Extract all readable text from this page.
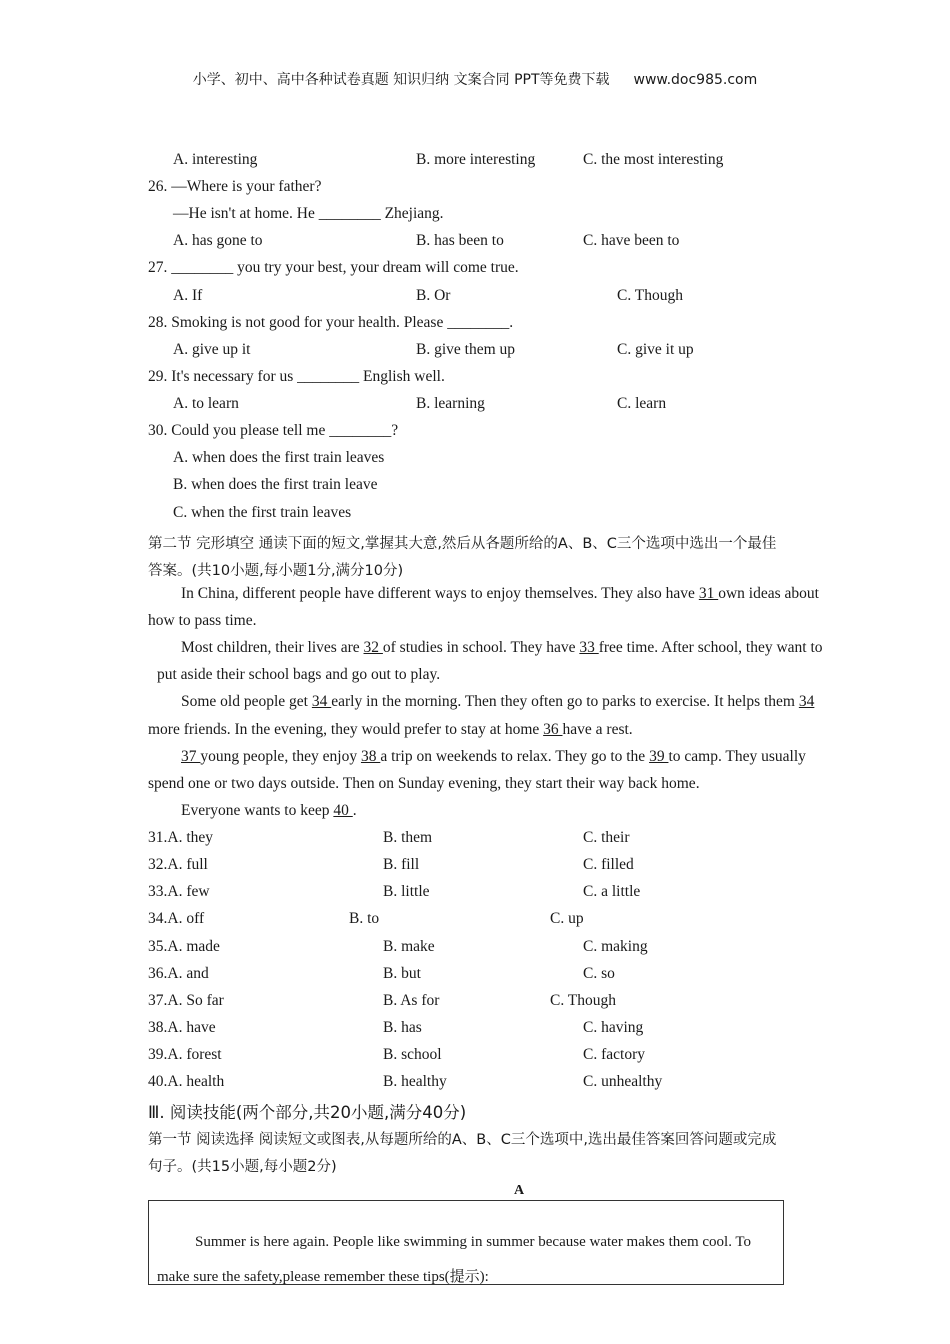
小学、初中、高中各种试卷真题 知识归纳 文案合同 PPT等免费下载 www.doc985.com
A. interesting	B. more interesting	C. the most interesting
26. —Where is your father?
—He isn't at home. He ________ Zhejiang.
A. has gone to	B. has been to	C. have been to
27. ________ you try your best, your dream will come true.
A. If	B. Or	C. Though
28. Smoking is not good for your health. Please ________.
A. give up it	B. give them up	C. give it up
29. It's necessary for us ________ English well.
A. to learn	B. learning	C. learn
30. Could you please tell me ________?
A. when does the first train leaves
B. when does the first train leave
C. when the first train leaves
第二节 完形填空 通读下面的短文,掌握其大意,然后从各题所给的A、B、C三个选项中选出一个最佳
答案。(共10小题,每小题1分,满分10分)
In China, different people have different ways to enjoy themselves. They also have 31 own ideas about
how to pass time.
Most children, their lives are 32 of studies in school. They have 33 free time. After school, they want to
put aside their school bags and go out to play.
Some old people get 34 early in the morning. Then they often go to parks to exercise. It helps them 34
more friends. In the evening, they would prefer to stay at home 36 have a rest.
37 young people, they enjoy 38 a trip on weekends to relax. They go to the 39 to camp. They usually
spend one or two days outside. Then on Sunday evening, they start their way back home.
Everyone wants to keep 40 .
31.A. they	B. them	C. their
32.A. full	B. fill	C. filled
33.A. few	B. little	C. a little
34.A. off	B. to	C. up
35.A. made	B. make	C. making
36.A. and	B. but	C. so
37.A. So far	B. As for	C. Though
38.A. have	B. has	C. having
39.A. forest	B. school	C. factory
40.A. health	B. healthy	C. unhealthy
Ⅲ. 阅读技能(两个部分,共20小题,满分40分)
第一节 阅读选择 阅读短文或图表,从每题所给的A、B、C三个选项中,选出最佳答案回答问题或完成
句子。(共15小题,每小题2分)
A
Summer is here again. People like swimming in summer because water makes them cool. To
make sure the safety,please remember these tips(提示):
